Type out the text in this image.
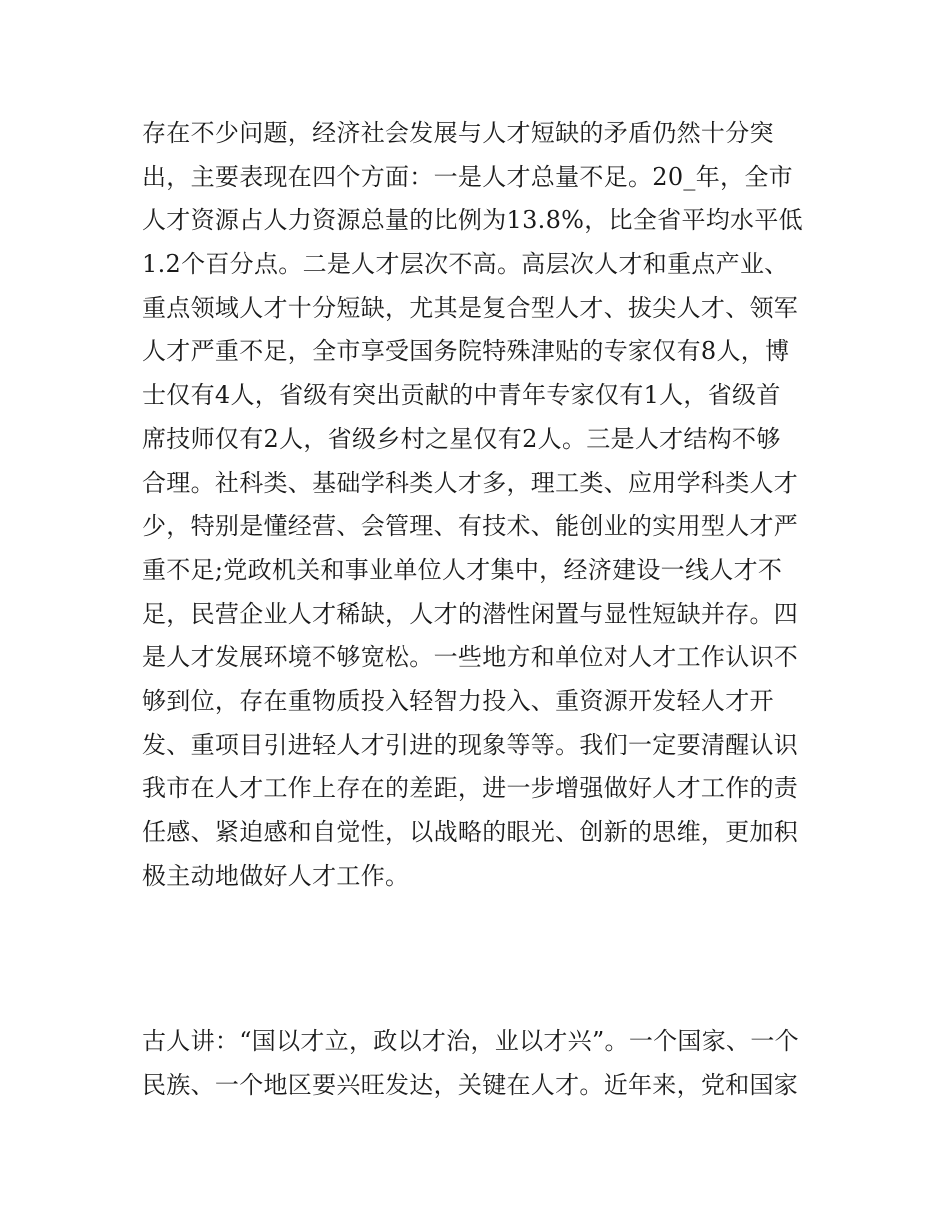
存在不少问题，经济社会发展与人才短缺的矛盾仍然十分突
出，主要表现在四个方面：一是人才总量不足。20_年，全市
人才资源占人力资源总量的比例为13.8%，比全省平均水平低
1.2个百分点。二是人才层次不高。高层次人才和重点产业、
重点领域人才十分短缺，尤其是复合型人才、拔尖人才、领军
人才严重不足，全市享受国务院特殊津贴的专家仅有8人，博
士仅有4人，省级有突出贡献的中青年专家仅有1人，省级首
席技师仅有2人，省级乡村之星仅有2人。三是人才结构不够
合理。社科类、基础学科类人才多，理工类、应用学科类人才
少，特别是懂经营、会管理、有技术、能创业的实用型人才严
重不足;党政机关和事业单位人才集中，经济建设一线人才不
足，民营企业人才稀缺，人才的潜性闲置与显性短缺并存。四
是人才发展环境不够宽松。一些地方和单位对人才工作认识不
够到位，存在重物质投入轻智力投入、重资源开发轻人才开
发、重项目引进轻人才引进的现象等等。我们一定要清醒认识
我市在人才工作上存在的差距，进一步增强做好人才工作的责
任感、紧迫感和自觉性，以战略的眼光、创新的思维，更加积
极主动地做好人才工作。
古人讲：“国以才立，政以才治，业以才兴”。一个国家、一个
民族、一个地区要兴旺发达，关键在人才。近年来，党和国家
